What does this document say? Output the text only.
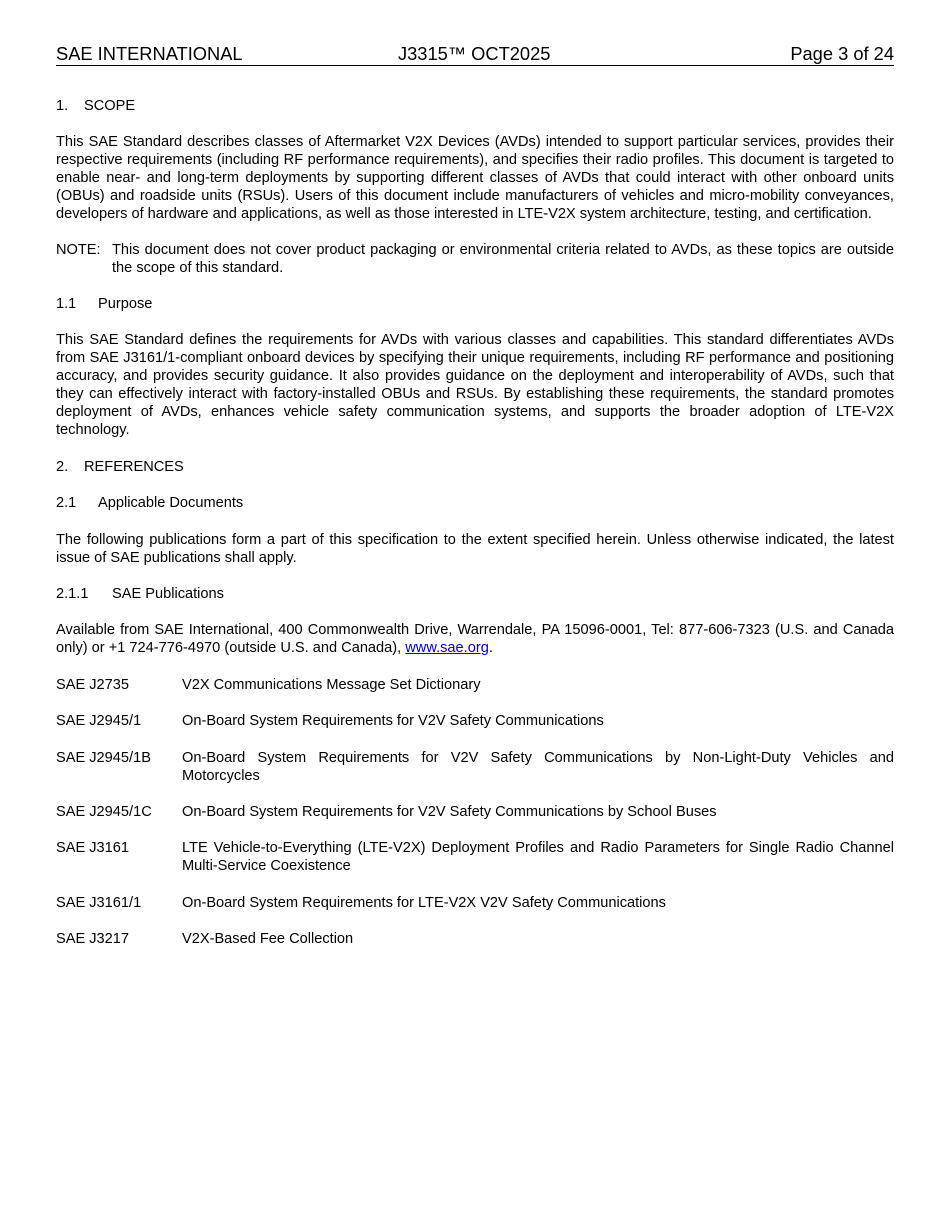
SAE INTERNATIONAL	J3315™ OCT2025	Page 3 of 24
1. SCOPE

This SAE Standard describes classes of Aftermarket V2X Devices (AVDs) intended to support particular services, provides their respective requirements (including RF performance requirements), and specifies their radio profiles. This document is targeted to enable near- and long-term deployments by supporting different classes of AVDs that could interact with other onboard units (OBUs) and roadside units (RSUs). Users of this document include manufacturers of vehicles and micro-mobility conveyances, developers of hardware and applications, as well as those interested in LTE-V2X system architecture, testing, and certification.

NOTE: This document does not cover product packaging or environmental criteria related to AVDs, as these topics are outside the scope of this standard.
1.1 Purpose

This SAE Standard defines the requirements for AVDs with various classes and capabilities. This standard differentiates AVDs from SAE J3161/1-compliant onboard devices by specifying their unique requirements, including RF performance and positioning accuracy, and provides security guidance. It also provides guidance on the deployment and interoperability of AVDs, such that they can effectively interact with factory-installed OBUs and RSUs. By establishing these requirements, the standard promotes deployment of AVDs, enhances vehicle safety communication systems, and supports the broader adoption of LTE-V2X technology.

2. REFERENCES
2.1 Applicable Documents

The following publications form a part of this specification to the extent specified herein. Unless otherwise indicated, the latest issue of SAE publications shall apply.

2.1.1 SAE Publications

Available from SAE International, 400 Commonwealth Drive, Warrendale, PA 15096-0001, Tel: 877-606-7323 (U.S. and Canada only) or +1 724-776-4970 (outside U.S. and Canada), www.sae.org.

SAE J2735	V2X Communications Message Set Dictionary
SAE J2945/1	On-Board System Requirements for V2V Safety Communications
SAE J2945/1B	On-Board System Requirements for V2V Safety Communications by Non-Light-Duty Vehicles and Motorcycles
SAE J2945/1C	On-Board System Requirements for V2V Safety Communications by School Buses
SAE J3161	LTE Vehicle-to-Everything (LTE-V2X) Deployment Profiles and Radio Parameters for Single Radio Channel Multi-Service Coexistence
SAE J3161/1	On-Board System Requirements for LTE-V2X V2V Safety Communications
SAE J3217	V2X-Based Fee Collection
